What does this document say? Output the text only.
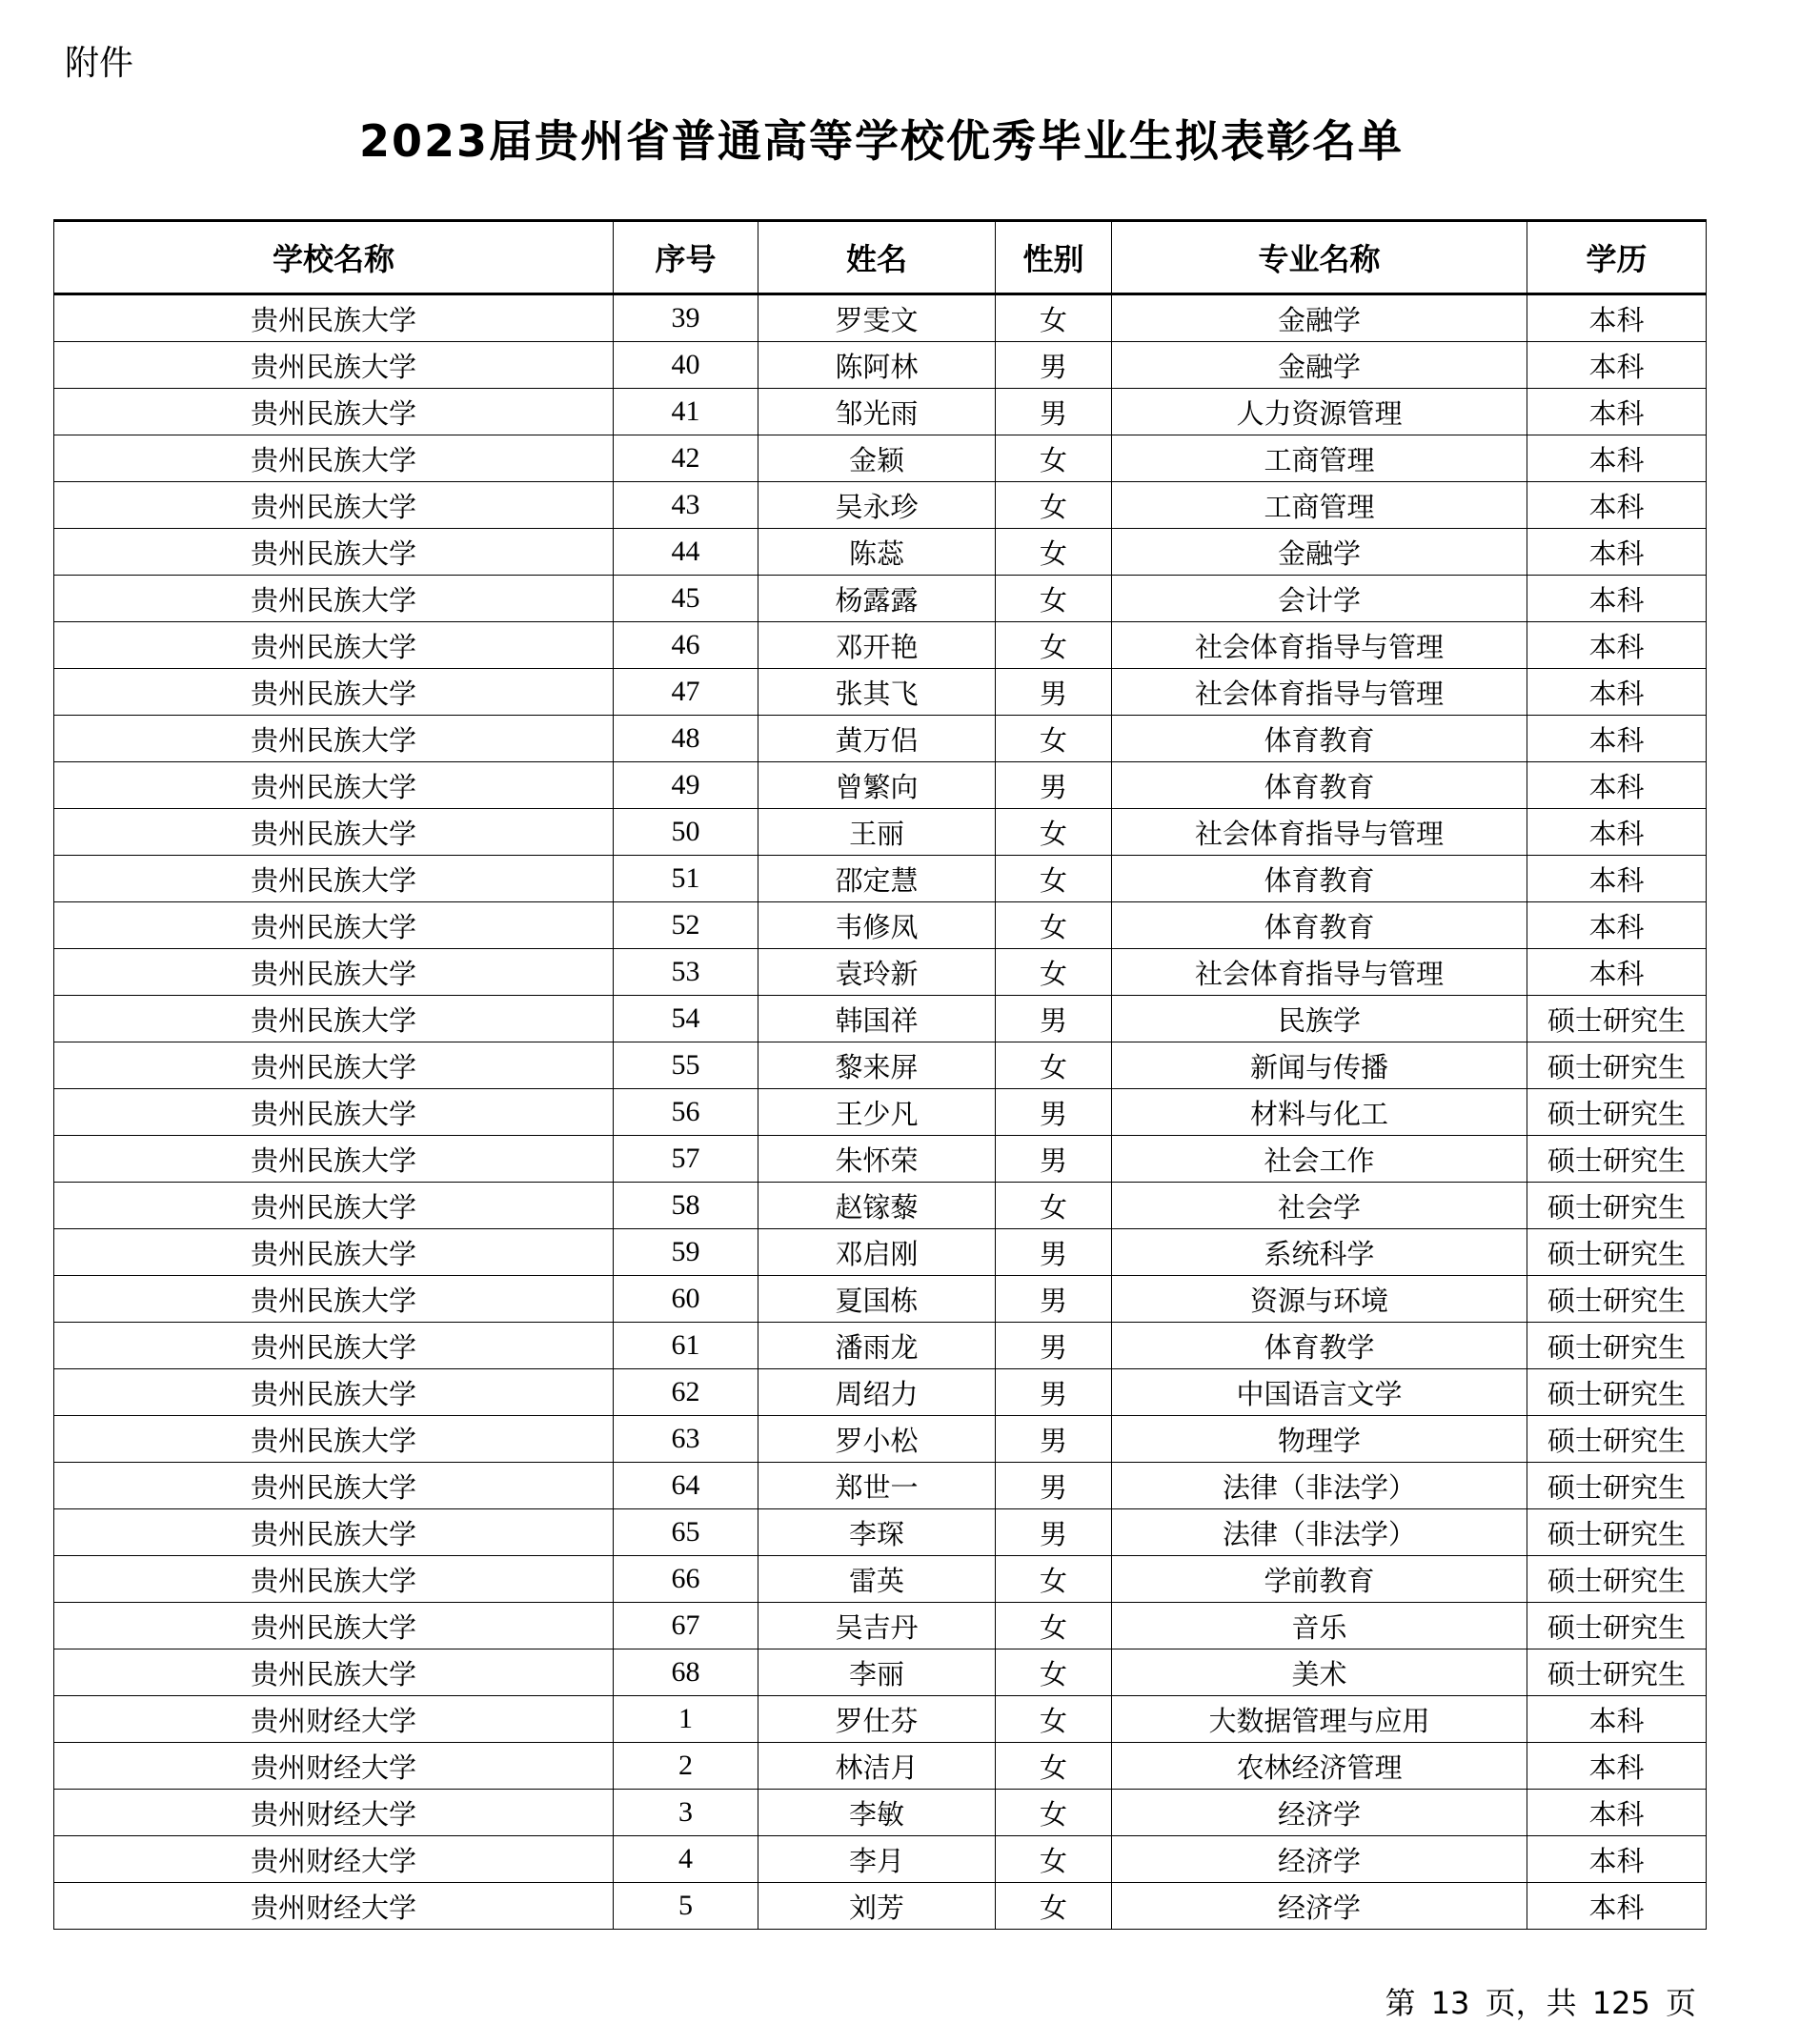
附件
2023届贵州省普通高等学校优秀毕业生拟表彰名单
学校名称	序号	姓名	性别	专业名称	学历
贵州民族大学	39	罗雯文	女	金融学	本科
贵州民族大学	40	陈阿林	男	金融学	本科
贵州民族大学	41	邹光雨	男	人力资源管理	本科
贵州民族大学	42	金颖	女	工商管理	本科
贵州民族大学	43	吴永珍	女	工商管理	本科
贵州民族大学	44	陈蕊	女	金融学	本科
贵州民族大学	45	杨露露	女	会计学	本科
贵州民族大学	46	邓开艳	女	社会体育指导与管理	本科
贵州民族大学	47	张其飞	男	社会体育指导与管理	本科
贵州民族大学	48	黄万侣	女	体育教育	本科
贵州民族大学	49	曾繁向	男	体育教育	本科
贵州民族大学	50	王丽	女	社会体育指导与管理	本科
贵州民族大学	51	邵定慧	女	体育教育	本科
贵州民族大学	52	韦修凤	女	体育教育	本科
贵州民族大学	53	袁玲新	女	社会体育指导与管理	本科
贵州民族大学	54	韩国祥	男	民族学	硕士研究生
贵州民族大学	55	黎来屏	女	新闻与传播	硕士研究生
贵州民族大学	56	王少凡	男	材料与化工	硕士研究生
贵州民族大学	57	朱怀荣	男	社会工作	硕士研究生
贵州民族大学	58	赵镓藜	女	社会学	硕士研究生
贵州民族大学	59	邓启刚	男	系统科学	硕士研究生
贵州民族大学	60	夏国栋	男	资源与环境	硕士研究生
贵州民族大学	61	潘雨龙	男	体育教学	硕士研究生
贵州民族大学	62	周绍力	男	中国语言文学	硕士研究生
贵州民族大学	63	罗小松	男	物理学	硕士研究生
贵州民族大学	64	郑世一	男	法律（非法学）	硕士研究生
贵州民族大学	65	李琛	男	法律（非法学）	硕士研究生
贵州民族大学	66	雷英	女	学前教育	硕士研究生
贵州民族大学	67	吴吉丹	女	音乐	硕士研究生
贵州民族大学	68	李丽	女	美术	硕士研究生
贵州财经大学	1	罗仕芬	女	大数据管理与应用	本科
贵州财经大学	2	林洁月	女	农林经济管理	本科
贵州财经大学	3	李敏	女	经济学	本科
贵州财经大学	4	李月	女	经济学	本科
贵州财经大学	5	刘芳	女	经济学	本科
第 13 页，共 125 页
